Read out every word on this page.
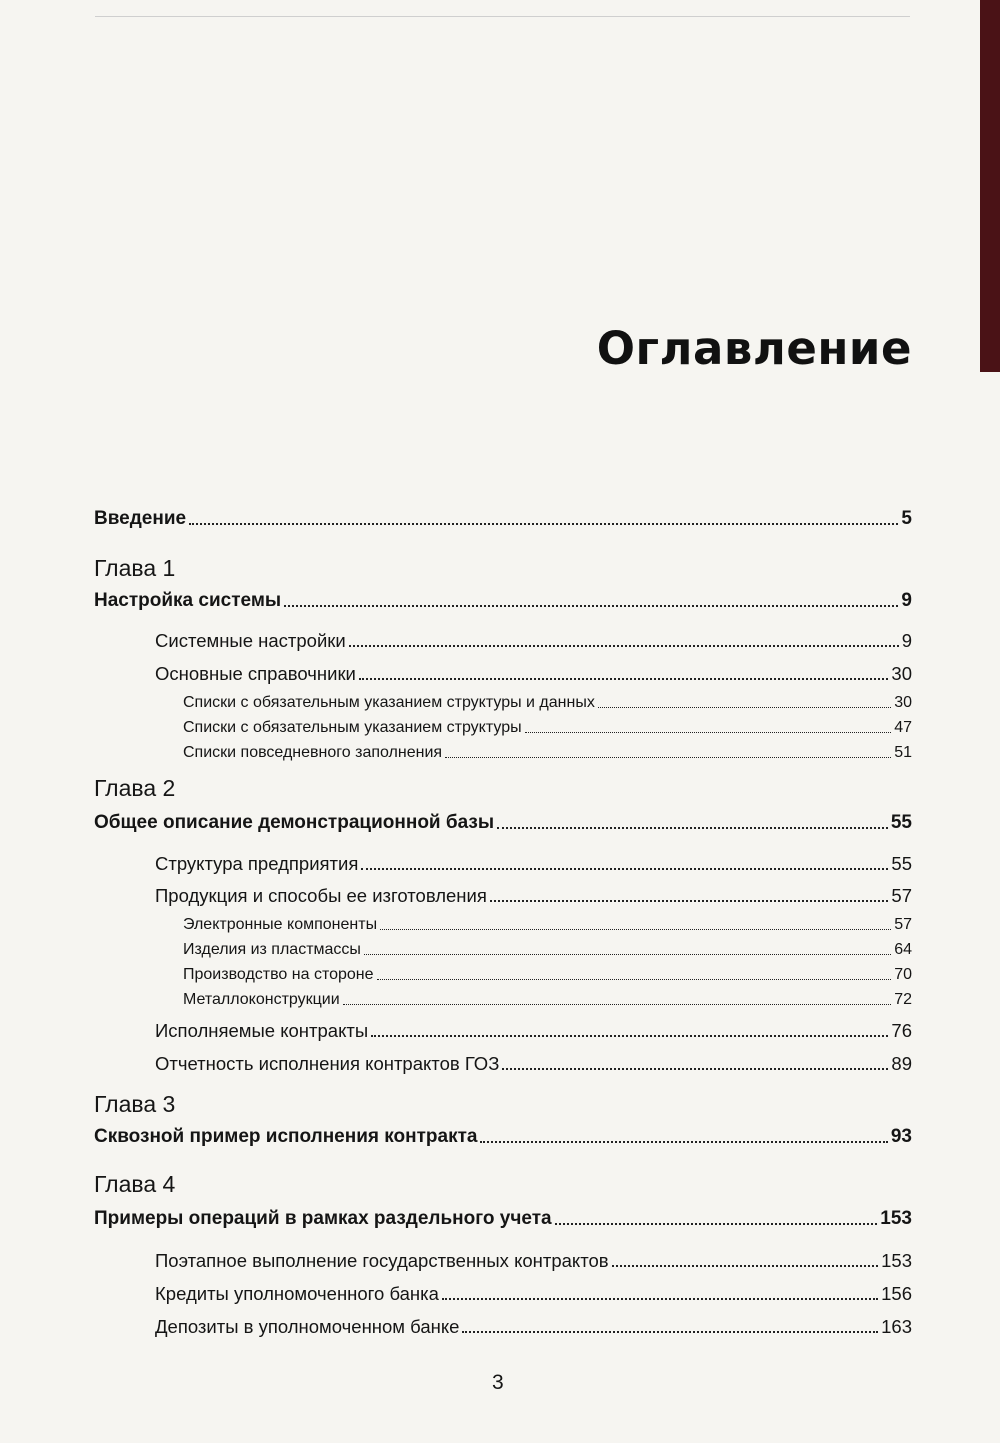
Оглавление
Введение	5
Глава 1
Настройка системы	9
Системные настройки	9
Основные справочники	30
Списки с обязательным указанием структуры и данных	30
Списки с обязательным указанием структуры	47
Списки повседневного заполнения	51
Глава 2
Общее описание демонстрационной базы	55
Структура предприятия	55
Продукция и способы ее изготовления	57
Электронные компоненты	57
Изделия из пластмассы	64
Производство на стороне	70
Металлоконструкции	72
Исполняемые контракты	76
Отчетность исполнения контрактов ГОЗ	89
Глава 3
Сквозной пример исполнения контракта	93
Глава 4
Примеры операций в рамках раздельного учета	153
Поэтапное выполнение государственных контрактов	153
Кредиты уполномоченного банка	156
Депозиты в уполномоченном банке	163
3
